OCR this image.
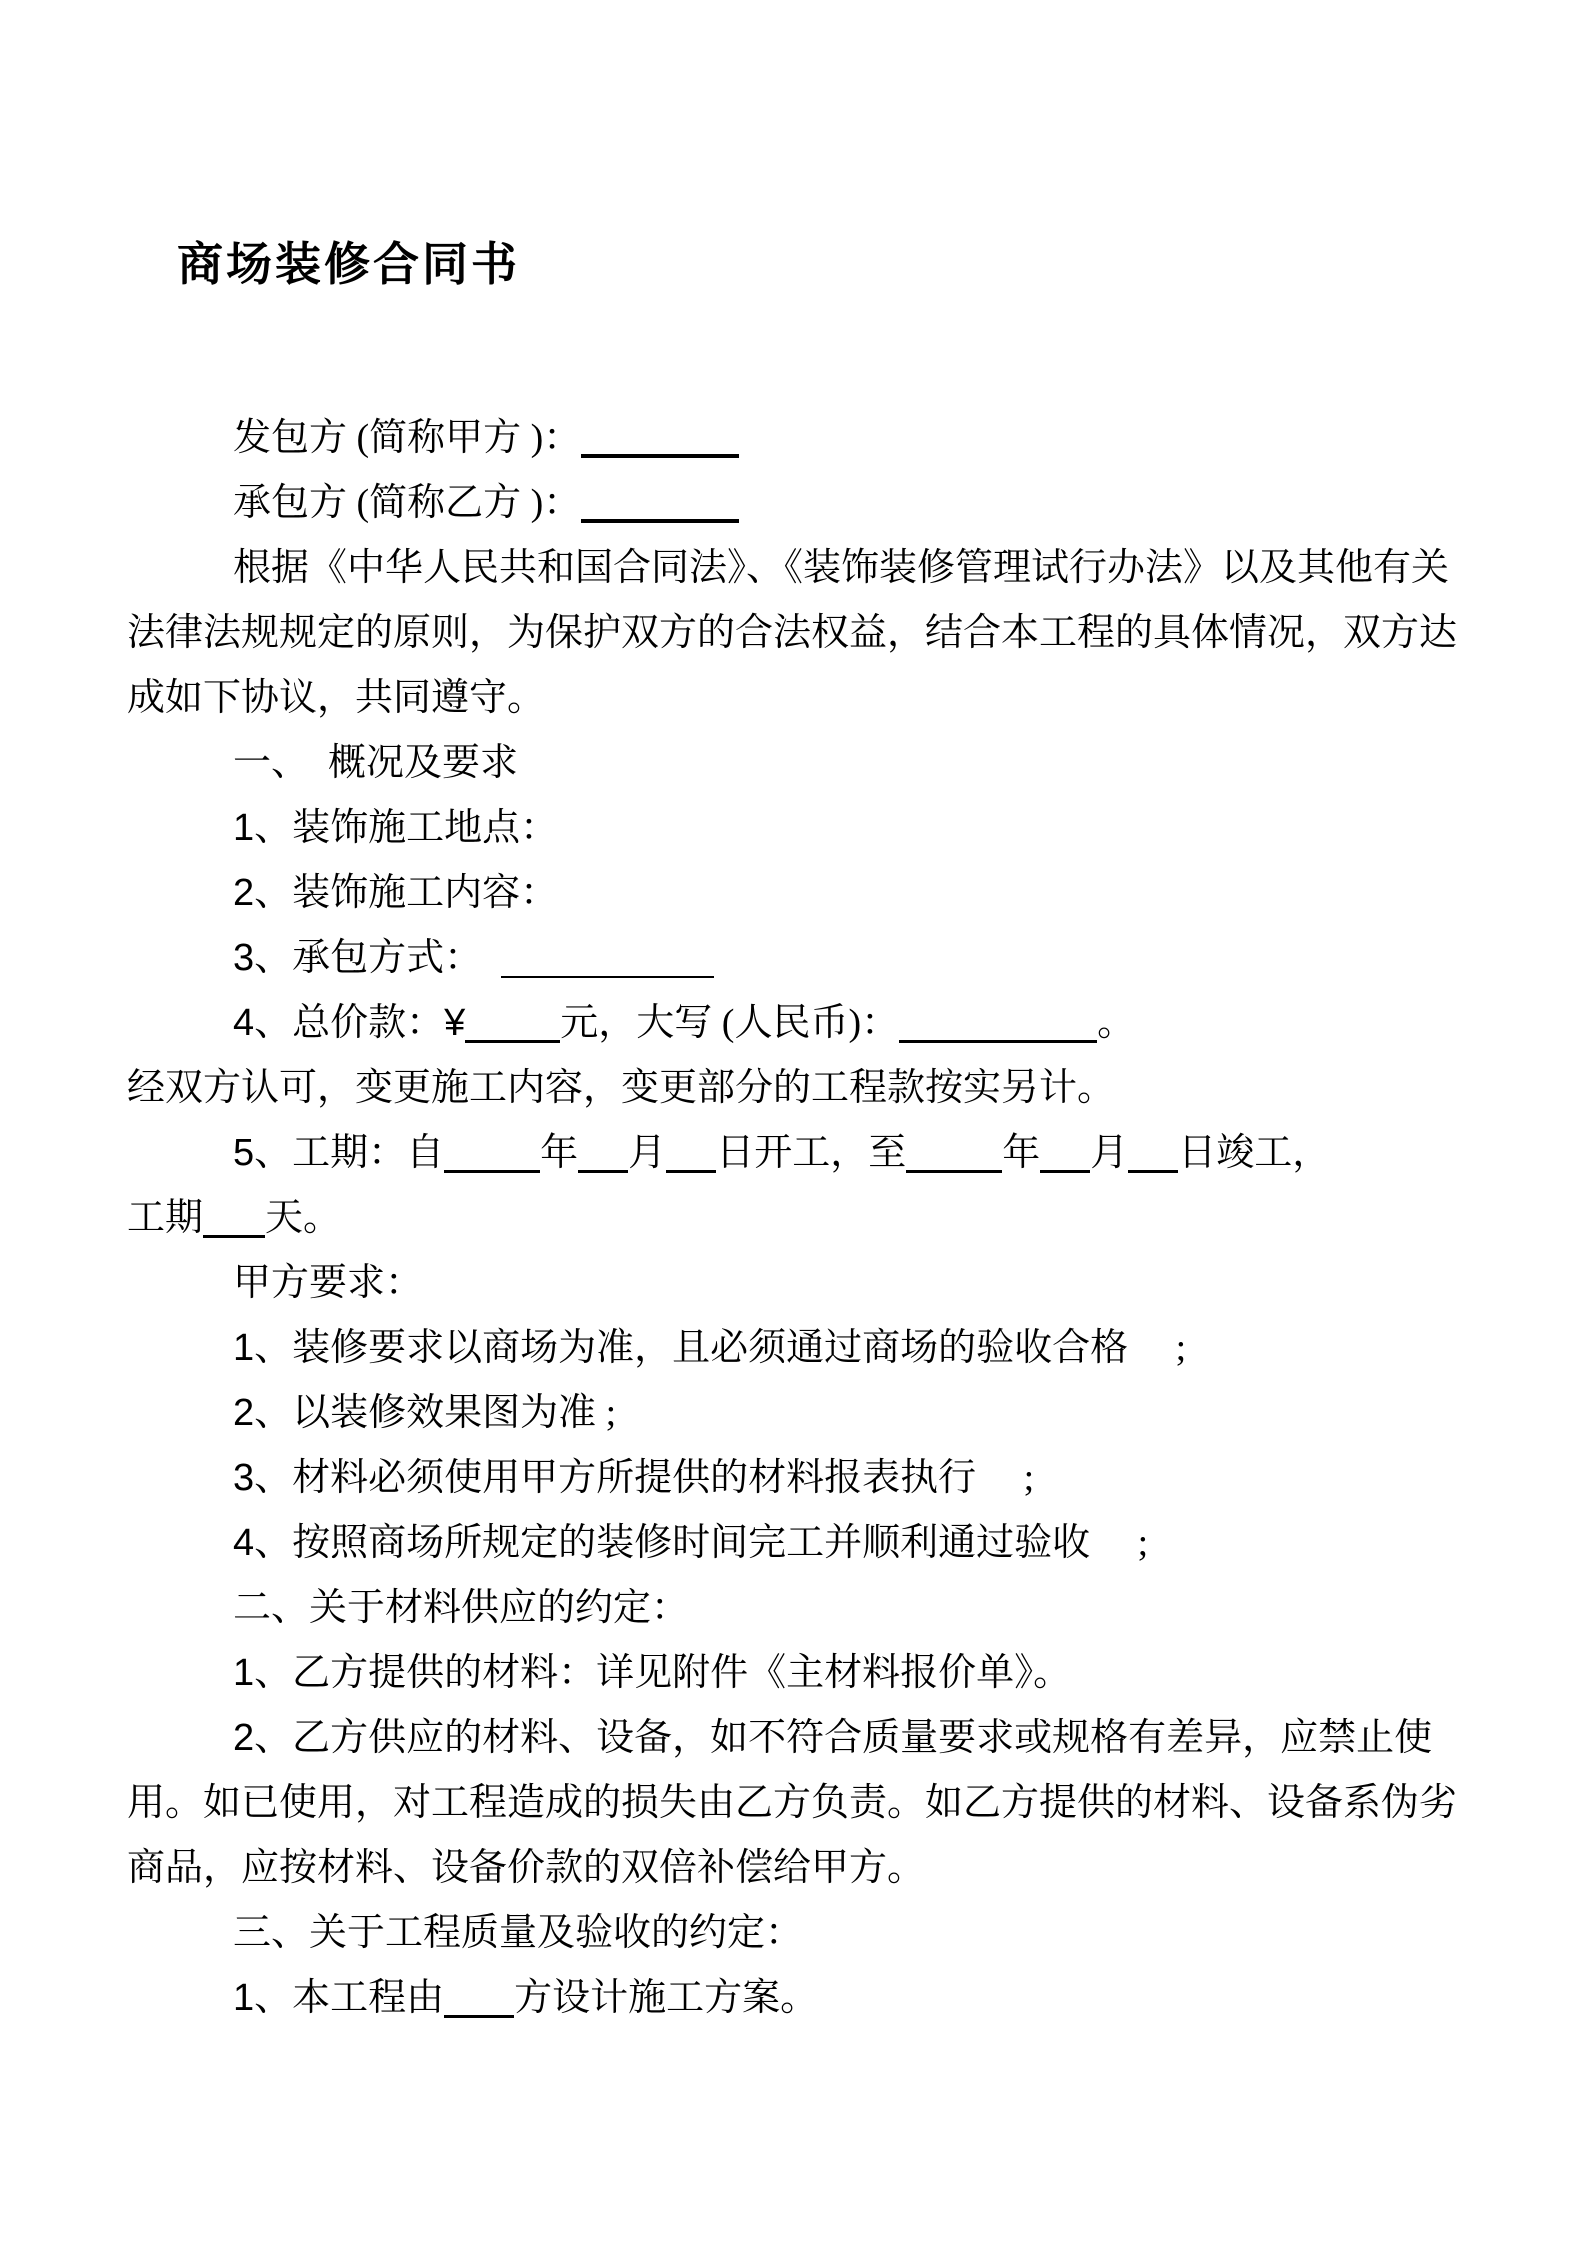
商场装修合同书

发包方 (简称甲方 )：

承包方 (简称乙方 )：

根据《中华人民共和国合同法》、《装饰装修管理试行办法》以及其他有关法律法规规定的原则，为保护双方的合法权益，结合本工程的具体情况，双方达成如下协议，共同遵守。

一、　概况及要求

1、装饰施工地点：

2、装饰施工内容：

3、承包方式：　

4、总价款：¥	元，大写 (人民币)：	。

经双方认可，变更施工内容，变更部分的工程款按实另计。

5、工期：自	年 月 日开工，至	年 月 日竣工，

工期 天。

甲方要求：

1、装修要求以商场为准，且必须通过商场的验收合格　 ;

2、以装修效果图为准 ;

3、材料必须使用甲方所提供的材料报表执行　 ;

4、按照商场所规定的装修时间完工并顺利通过验收　 ;

二、关于材料供应的约定：

1、乙方提供的材料：详见附件《主材料报价单》。

2、乙方供应的材料、设备，如不符合质量要求或规格有差异，应禁止使用。如已使用，对工程造成的损失由乙方负责。如乙方提供的材料、设备系伪劣商品，应按材料、设备价款的双倍补偿给甲方。

三、关于工程质量及验收的约定：

1、本工程由 方设计施工方案。
